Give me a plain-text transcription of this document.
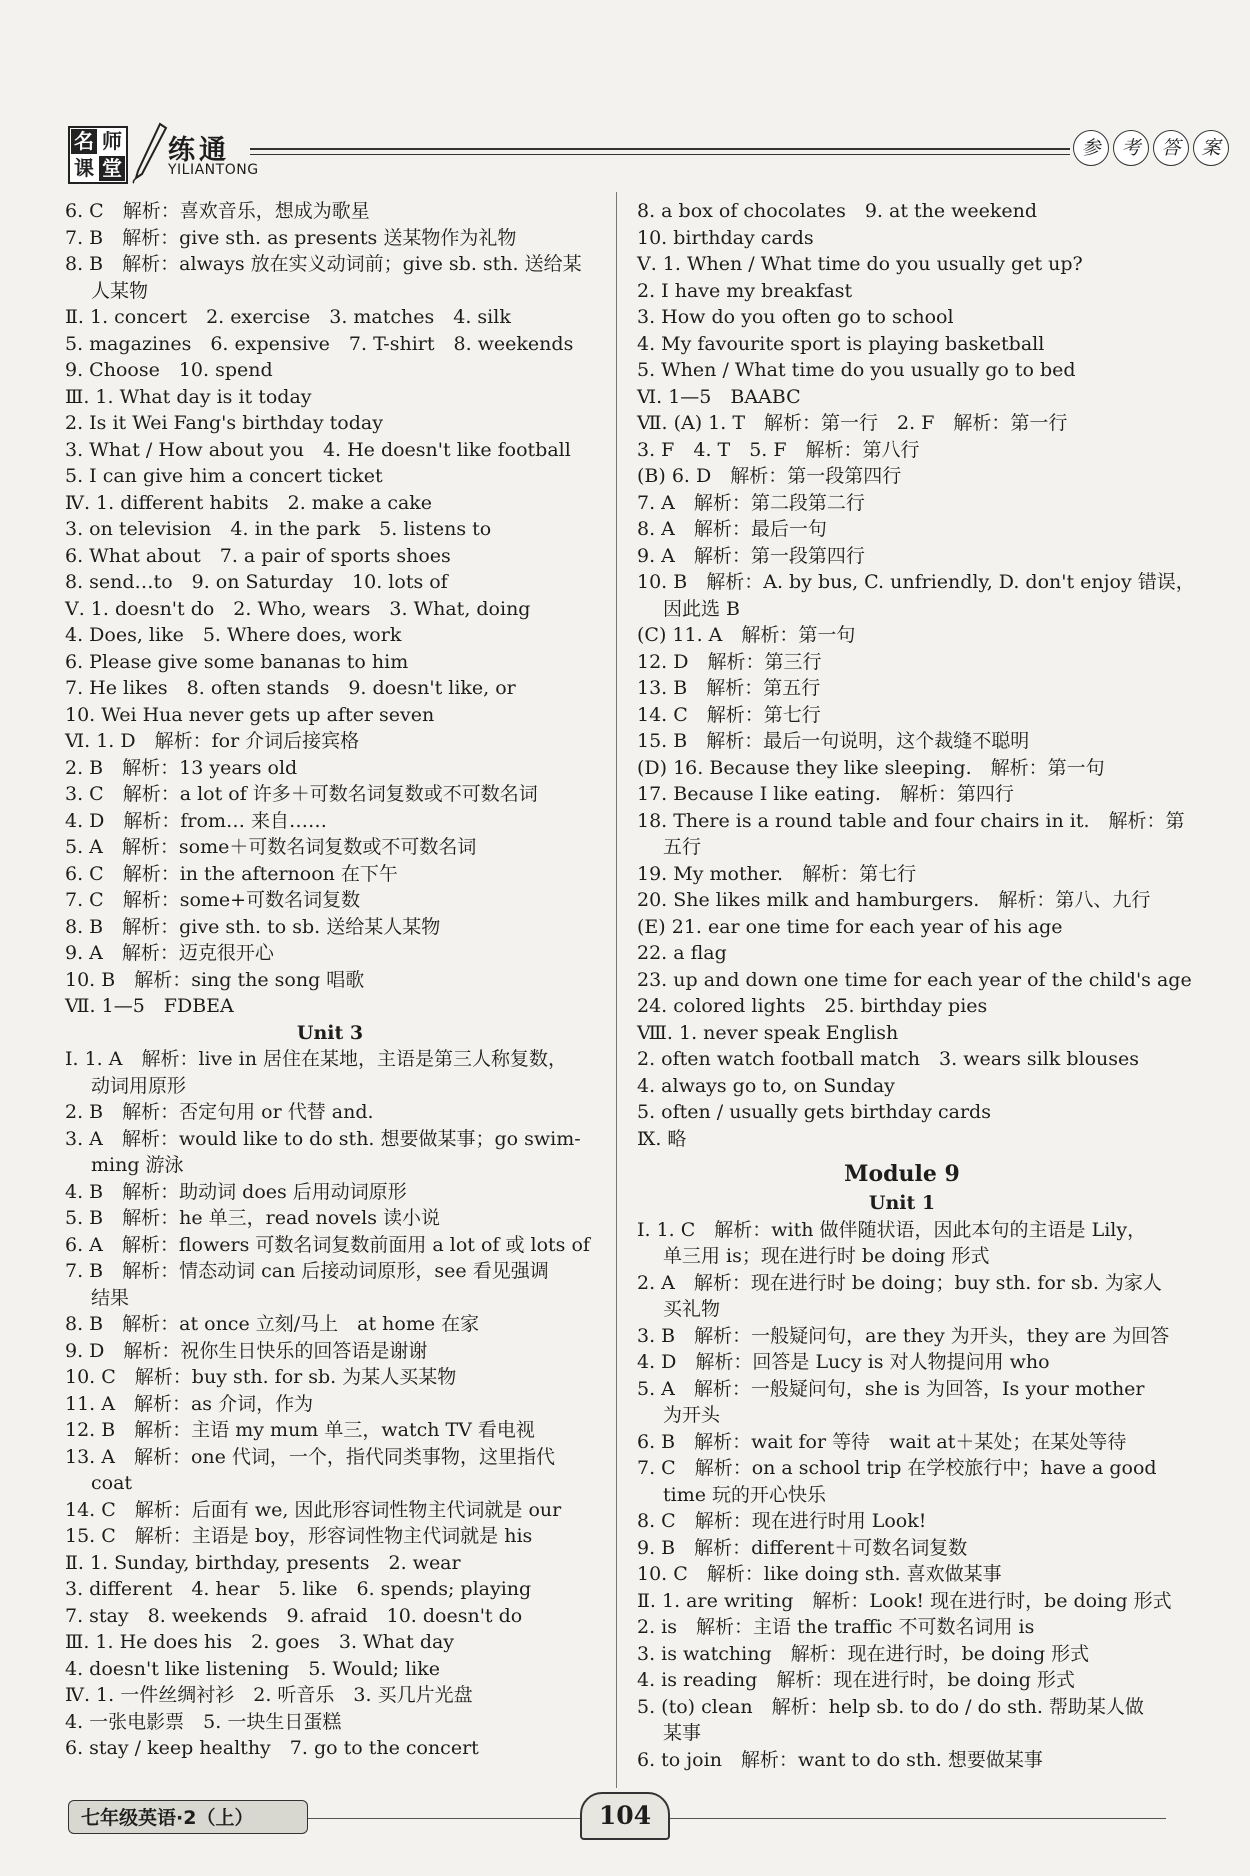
名 师
课 堂
练通
YILIANTONG
参	考	答	案
6. C　解析：喜欢音乐，想成为歌星
7. B　解析：give sth. as presents 送某物作为礼物
8. B　解析：always 放在实义动词前；give sb. sth. 送给某
人某物
Ⅱ. 1. concert　2. exercise　3. matches　4. silk
5. magazines　6. expensive　7. T-shirt　8. weekends
9. Choose　10. spend
Ⅲ. 1. What day is it today
2. Is it Wei Fang's birthday today
3. What / How about you　4. He doesn't like football
5. I can give him a concert ticket
Ⅳ. 1. different habits　2. make a cake
3. on television　4. in the park　5. listens to
6. What about　7. a pair of sports shoes
8. send…to　9. on Saturday　10. lots of
Ⅴ. 1. doesn't do　2. Who, wears　3. What, doing
4. Does, like　5. Where does, work
6. Please give some bananas to him
7. He likes　8. often stands　9. doesn't like, or
10. Wei Hua never gets up after seven
Ⅵ. 1. D　解析：for 介词后接宾格
2. B　解析：13 years old
3. C　解析：a lot of 许多＋可数名词复数或不可数名词
4. D　解析：from… 来自……
5. A　解析：some＋可数名词复数或不可数名词
6. C　解析：in the afternoon 在下午
7. C　解析：some+可数名词复数
8. B　解析：give sth. to sb. 送给某人某物
9. A　解析：迈克很开心
10. B　解析：sing the song 唱歌
Ⅶ. 1—5　FDBEA
Unit 3
Ⅰ. 1. A　解析：live in 居住在某地，主语是第三人称复数，
动词用原形
2. B　解析：否定句用 or 代替 and.
3. A　解析：would like to do sth. 想要做某事；go swim-
ming 游泳
4. B　解析：助动词 does 后用动词原形
5. B　解析：he 单三，read novels 读小说
6. A　解析：flowers 可数名词复数前面用 a lot of 或 lots of
7. B　解析：情态动词 can 后接动词原形，see 看见强调
结果
8. B　解析：at once 立刻/马上　at home 在家
9. D　解析：祝你生日快乐的回答语是谢谢
10. C　解析：buy sth. for sb. 为某人买某物
11. A　解析：as 介词，作为
12. B　解析：主语 my mum 单三，watch TV 看电视
13. A　解析：one 代词，一个，指代同类事物，这里指代
coat
14. C　解析：后面有 we, 因此形容词性物主代词就是 our
15. C　解析：主语是 boy，形容词性物主代词就是 his
Ⅱ. 1. Sunday, birthday, presents　2. wear
3. different　4. hear　5. like　6. spends; playing
7. stay　8. weekends　9. afraid　10. doesn't do
Ⅲ. 1. He does his　2. goes　3. What day
4. doesn't like listening　5. Would; like
Ⅳ. 1. 一件丝绸衬衫　2. 听音乐　3. 买几片光盘
4. 一张电影票　5. 一块生日蛋糕
6. stay / keep healthy　7. go to the concert
8. a box of chocolates　9. at the weekend
10. birthday cards
Ⅴ. 1. When / What time do you usually get up?
2. I have my breakfast
3. How do you often go to school
4. My favourite sport is playing basketball
5. When / What time do you usually go to bed
Ⅵ. 1—5　BAABC
Ⅶ. (A) 1. T　解析：第一行　2. F　解析：第一行
3. F　4. T　5. F　解析：第八行
(B) 6. D　解析：第一段第四行
7. A　解析：第二段第二行
8. A　解析：最后一句
9. A　解析：第一段第四行
10. B　解析：A. by bus, C. unfriendly, D. don't enjoy 错误，
因此选 B
(C) 11. A　解析：第一句
12. D　解析：第三行
13. B　解析：第五行
14. C　解析：第七行
15. B　解析：最后一句说明，这个裁缝不聪明
(D) 16. Because they like sleeping.　解析：第一句
17. Because I like eating.　解析：第四行
18. There is a round table and four chairs in it.　解析：第
五行
19. My mother.　解析：第七行
20. She likes milk and hamburgers.　解析：第八、九行
(E) 21. ear one time for each year of his age
22. a flag
23. up and down one time for each year of the child's age
24. colored lights　25. birthday pies
Ⅷ. 1. never speak English
2. often watch football match　3. wears silk blouses
4. always go to, on Sunday
5. often / usually gets birthday cards
Ⅸ. 略
Module 9
Unit 1
Ⅰ. 1. C　解析：with 做伴随状语，因此本句的主语是 Lily，
单三用 is；现在进行时 be doing 形式
2. A　解析：现在进行时 be doing；buy sth. for sb. 为家人
买礼物
3. B　解析：一般疑问句，are they 为开头，they are 为回答
4. D　解析：回答是 Lucy is 对人物提问用 who
5. A　解析：一般疑问句，she is 为回答，Is your mother
为开头
6. B　解析：wait for 等待　wait at＋某处；在某处等待
7. C　解析：on a school trip 在学校旅行中；have a good
time 玩的开心快乐
8. C　解析：现在进行时用 Look!
9. B　解析：different＋可数名词复数
10. C　解析：like doing sth. 喜欢做某事
Ⅱ. 1. are writing　解析：Look! 现在进行时，be doing 形式
2. is　解析：主语 the traffic 不可数名词用 is
3. is watching　解析：现在进行时，be doing 形式
4. is reading　解析：现在进行时，be doing 形式
5. (to) clean　解析：help sb. to do / do sth. 帮助某人做
某事
6. to join　解析：want to do sth. 想要做某事
七年级英语·2（上）	104
